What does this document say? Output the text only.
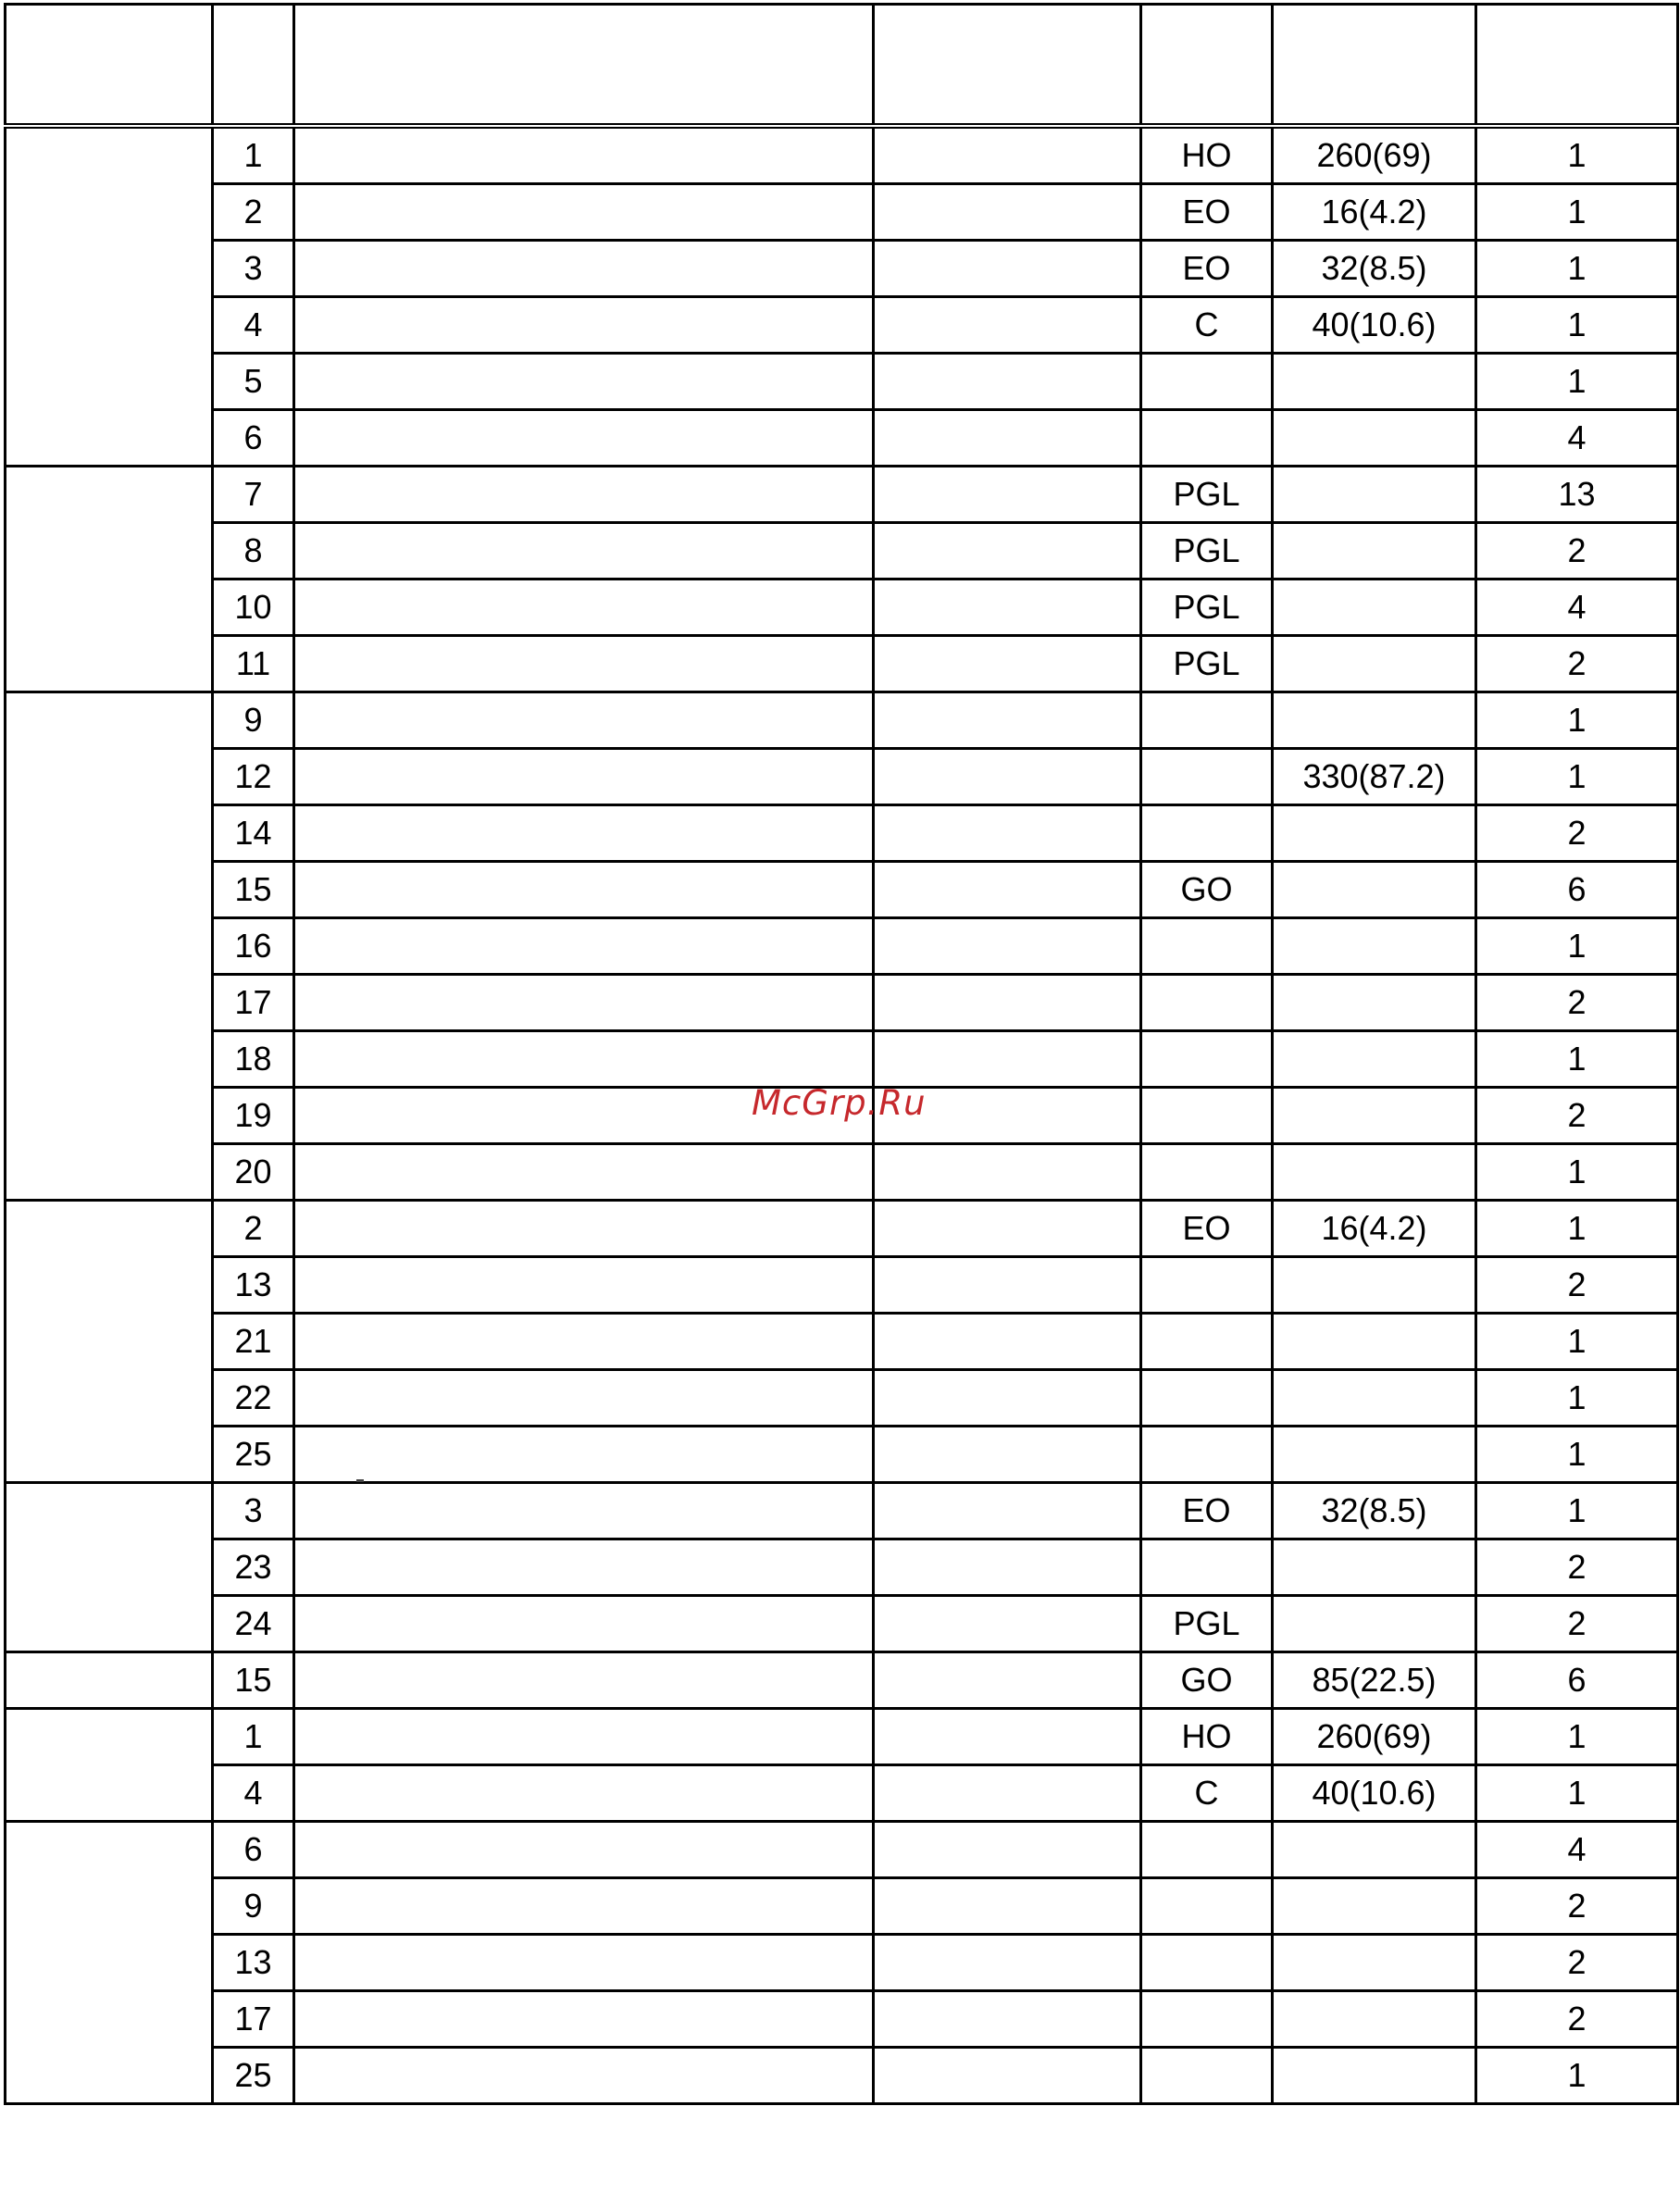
	1			HO	260(69)	1
	2			EO	16(4.2)	1
	3			EO	32(8.5)	1
	4			C	40(10.6)	1
	5					1
	6					4
	7			PGL		13
	8			PGL		2
	10			PGL		4
	11			PGL		2
	9					1
	12				330(87.2)	1
	14					2
	15			GO		6
	16					1
	17					2
	18					1
	19					2
	20					1
	2			EO	16(4.2)	1
	13					2
	21					1
	22					1
	25					1
	3			EO	32(8.5)	1
	23					2
	24			PGL		2
	15			GO	85(22.5)	6
	1			HO	260(69)	1
	4			C	40(10.6)	1
	6					4
	9					2
	13					2
	17					2
	25					1
McGrp.Ru
